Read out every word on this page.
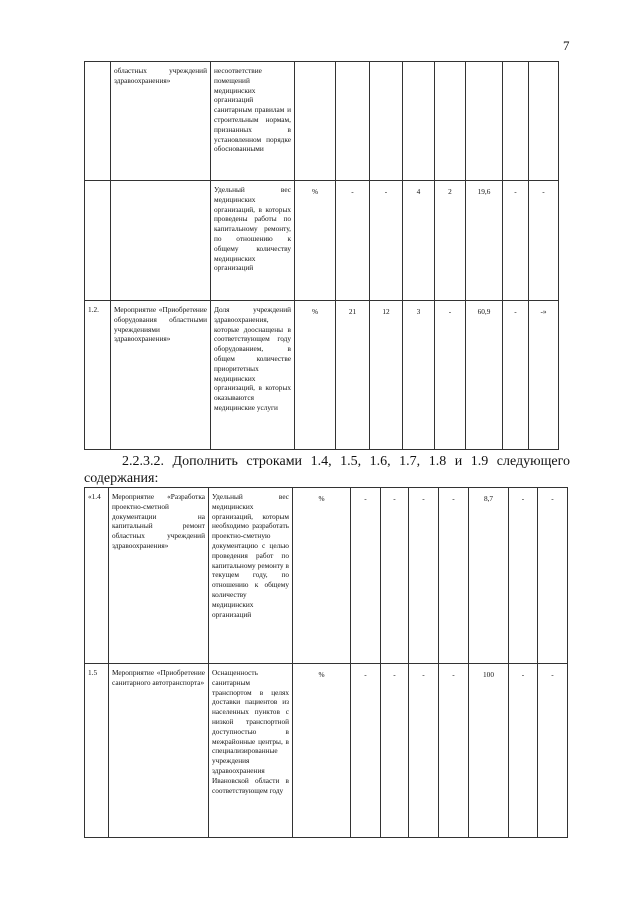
7
	областных учреждений здравоохранения»	несоответствие помещений медицинских организаций санитарным правилам и строительным нормам, признанных в установленном порядке обоснованными								
		Удельный вес медицинских организаций, в которых проведены работы по капитальному ремонту, по отношению к общему количеству медицинских организаций	%	-	-	4	2	19,6	-	-
1.2.	Мероприятие «Приобретение оборудования областными учреждениями здравоохранения»	Доля учреждений здравоохранения, которые дооснащены в соответствующем году оборудованием, в общем количестве приоритетных медицинских организаций, в которых оказываются медицинские услуги	%	21	12	3	-	60,9	-	-»
2.2.3.2. Дополнить строками 1.4, 1.5, 1.6, 1.7, 1.8 и 1.9 следующего содержания:
«1.4	Мероприятие «Разработка проектно-сметной документации на капитальный ремонт областных учреждений здравоохранения»	Удельный вес медицинских организаций, которым необходимо разработать проектно-сметную документацию с целью проведения работ по капитальному ремонту в текущем году, по отношению к общему количеству медицинских организаций	%	-	-	-	-	8,7	-	-
1.5	Мероприятие «Приобретение санитарного автотранспорта»	Оснащенность санитарным транспортом в целях доставки пациентов из населенных пунктов с низкой транспортной доступностью в межрайонные центры, в специализированные учреждения здравоохранения Ивановской области в соответствующем году	%	-	-	-	-	100	-	-
